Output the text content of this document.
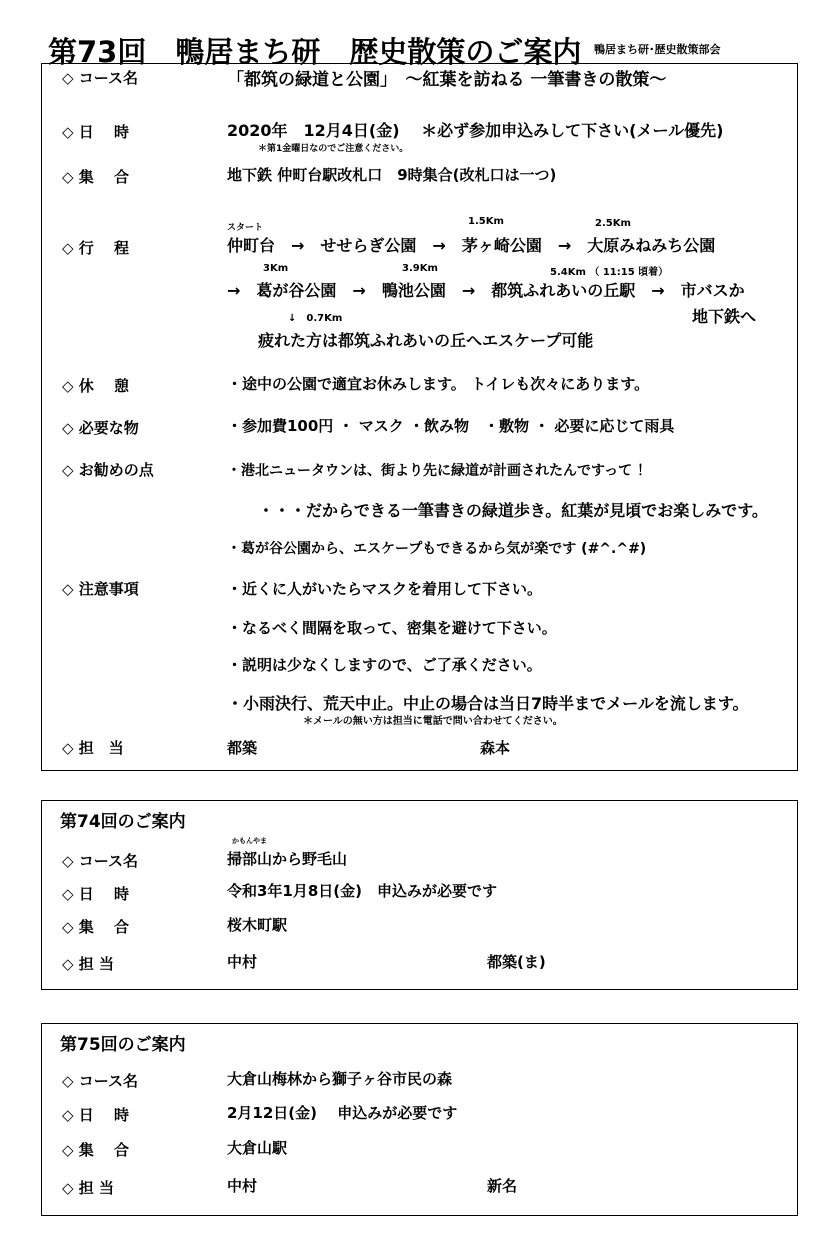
第73回　鴨居まち研　歴史散策のご案内 鴨居まち研･歴史散策部会
◇ コース名	「都筑の緑道と公園」　～紅葉を訪ねる 一筆書きの散策～
◇ 日　 時	2020年　12月4日(金)　 ＊必ず参加申込みして下さい(メール優先)
＊第1金曜日なのでご注意ください。
◇ 集　 合	地下鉄 仲町台駅改札口　9時集合(改札口は一つ)
スタート
1.5Km	2.5Km
◇ 行　 程	仲町台　→　せせらぎ公園　→　茅ヶ崎公園　→　大原みねみち公園
3Km	3.9Km	5.4Km （ 11:15 頃着）
→　葛が谷公園　→　鴨池公園　→　都筑ふれあいの丘駅　→　市バスか
↓　0.7Km	地下鉄へ
疲れた方は都筑ふれあいの丘へエスケープ可能
◇ 休　 憩	・途中の公園で適宜お休みします。 トイレも次々にあります。
◇ 必要な物	・参加費100円 ・ マスク ・飲み物　・敷物 ・ 必要に応じて雨具
◇ お勧めの点	・港北ニュータウンは、街より先に緑道が計画されたんですって ！
・・・だからできる一筆書きの緑道歩き。紅葉が見頃でお楽しみです。
・葛が谷公園から、エスケープもできるから気が楽です (#^.^#)
◇ 注意事項	・近くに人がいたらマスクを着用して下さい。
・なるべく間隔を取って、密集を避けて下さい。
・説明は少なくしますので、ご了承ください。
・小雨決行、荒天中止。中止の場合は当日7時半までメールを流します。
＊メールの無い方は担当に電話で問い合わせてください。
◇ 担　当	都築	森本
第74回のご案内
かもんやま
◇ コース名	掃部山から野毛山
◇ 日　 時	令和3年1月8日(金)　申込みが必要です
◇ 集　 合	桜木町駅
◇ 担 当	中村	都築(ま)
第75回のご案内
◇ コース名	大倉山梅林から獅子ヶ谷市民の森
◇ 日　 時	2月12日(金)　 申込みが必要です
◇ 集　 合	大倉山駅
◇ 担 当	中村	新名
